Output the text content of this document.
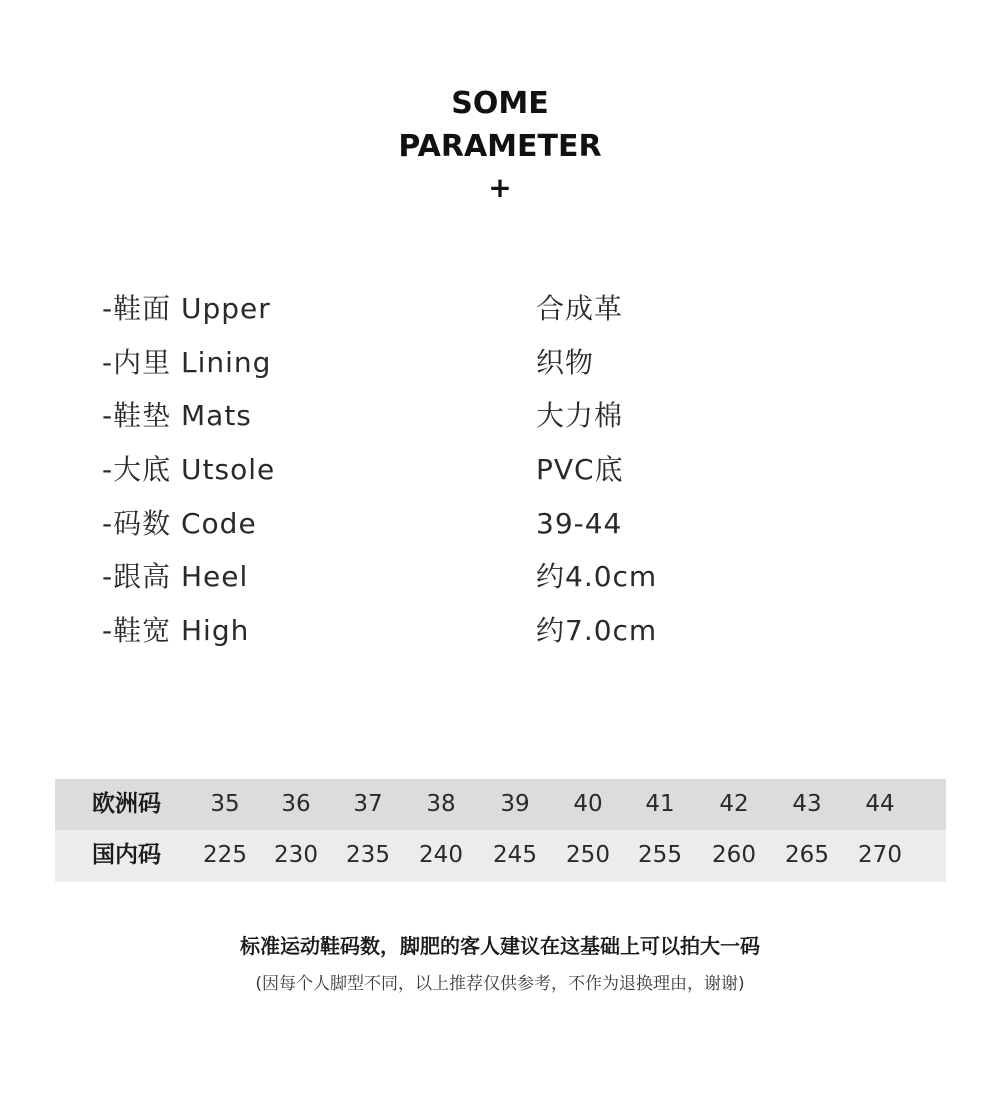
SOME
PARAMETER
+
-鞋面 Upper	合成革
-内里 Lining	织物
-鞋垫 Mats	大力棉
-大底 Utsole	PVC底
-码数 Code	39-44
-跟高 Heel	约4.0cm
-鞋宽 High	约7.0cm
欧洲码	35	36	37	38	39	40	41	42	43	44
国内码	225	230	235	240	245	250	255	260	265	270
标准运动鞋码数，脚肥的客人建议在这基础上可以拍大一码
(因每个人脚型不同，以上推荐仅供参考，不作为退换理由，谢谢)
